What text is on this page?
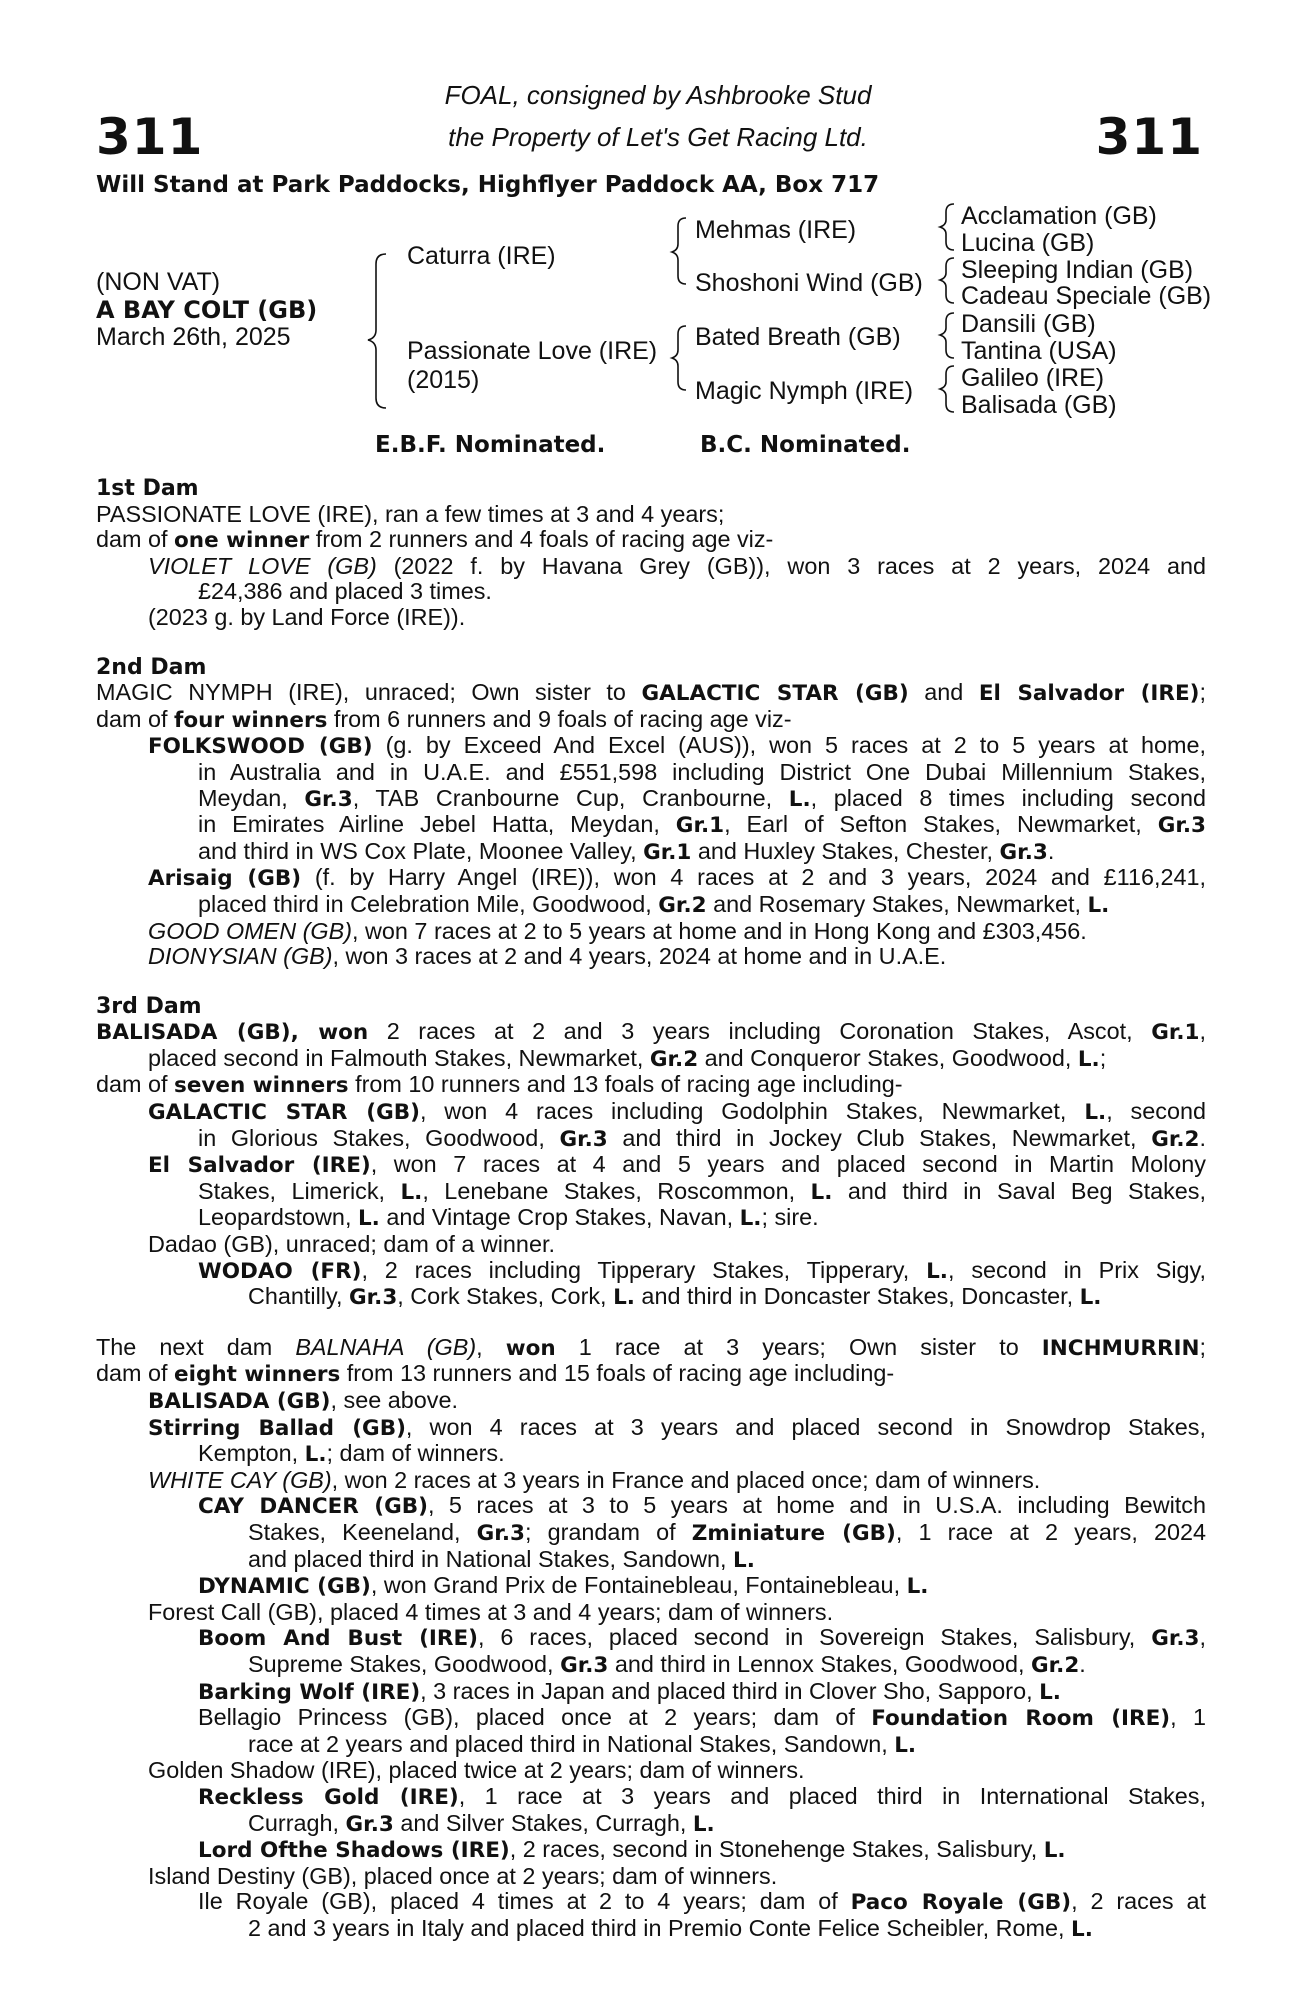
311	311
FOAL, consigned by Ashbrooke Stud
the Property of Let's Get Racing Ltd.
Will Stand at Park Paddocks, Highflyer Paddock AA, Box 717
(NON VAT)
A BAY COLT (GB)
March 26th, 2025
Caturra (IRE)
Passionate Love (IRE)
(2015)
Mehmas (IRE)
Shoshoni Wind (GB)
Bated Breath (GB)
Magic Nymph (IRE)
Acclamation (GB)
Lucina (GB)
Sleeping Indian (GB)
Cadeau Speciale (GB)
Dansili (GB)
Tantina (USA)
Galileo (IRE)
Balisada (GB)
E.B.F. Nominated.	B.C. Nominated.
1st Dam
PASSIONATE LOVE (IRE), ran a few times at 3 and 4 years;
dam of one winner from 2 runners and 4 foals of racing age viz-
VIOLET LOVE (GB) (2022 f. by Havana Grey (GB)), won 3 races at 2 years, 2024 and
£24,386 and placed 3 times.
(2023 g. by Land Force (IRE)).
2nd Dam
MAGIC NYMPH (IRE), unraced; Own sister to GALACTIC STAR (GB) and El Salvador (IRE);
dam of four winners from 6 runners and 9 foals of racing age viz-
FOLKSWOOD (GB) (g. by Exceed And Excel (AUS)), won 5 races at 2 to 5 years at home,
in Australia and in U.A.E. and £551,598 including District One Dubai Millennium Stakes,
Meydan, Gr.3, TAB Cranbourne Cup, Cranbourne, L., placed 8 times including second
in Emirates Airline Jebel Hatta, Meydan, Gr.1, Earl of Sefton Stakes, Newmarket, Gr.3
and third in WS Cox Plate, Moonee Valley, Gr.1 and Huxley Stakes, Chester, Gr.3.
Arisaig (GB) (f. by Harry Angel (IRE)), won 4 races at 2 and 3 years, 2024 and £116,241,
placed third in Celebration Mile, Goodwood, Gr.2 and Rosemary Stakes, Newmarket, L.
GOOD OMEN (GB), won 7 races at 2 to 5 years at home and in Hong Kong and £303,456.
DIONYSIAN (GB), won 3 races at 2 and 4 years, 2024 at home and in U.A.E.
3rd Dam
BALISADA (GB), won 2 races at 2 and 3 years including Coronation Stakes, Ascot, Gr.1,
placed second in Falmouth Stakes, Newmarket, Gr.2 and Conqueror Stakes, Goodwood, L.;
dam of seven winners from 10 runners and 13 foals of racing age including-
GALACTIC STAR (GB), won 4 races including Godolphin Stakes, Newmarket, L., second
in Glorious Stakes, Goodwood, Gr.3 and third in Jockey Club Stakes, Newmarket, Gr.2.
El Salvador (IRE), won 7 races at 4 and 5 years and placed second in Martin Molony
Stakes, Limerick, L., Lenebane Stakes, Roscommon, L. and third in Saval Beg Stakes,
Leopardstown, L. and Vintage Crop Stakes, Navan, L.; sire.
Dadao (GB), unraced; dam of a winner.
WODAO (FR), 2 races including Tipperary Stakes, Tipperary, L., second in Prix Sigy,
Chantilly, Gr.3, Cork Stakes, Cork, L. and third in Doncaster Stakes, Doncaster, L.
The next dam BALNAHA (GB), won 1 race at 3 years; Own sister to INCHMURRIN;
dam of eight winners from 13 runners and 15 foals of racing age including-
BALISADA (GB), see above.
Stirring Ballad (GB), won 4 races at 3 years and placed second in Snowdrop Stakes,
Kempton, L.; dam of winners.
WHITE CAY (GB), won 2 races at 3 years in France and placed once; dam of winners.
CAY DANCER (GB), 5 races at 3 to 5 years at home and in U.S.A. including Bewitch
Stakes, Keeneland, Gr.3; grandam of Zminiature (GB), 1 race at 2 years, 2024
and placed third in National Stakes, Sandown, L.
DYNAMIC (GB), won Grand Prix de Fontainebleau, Fontainebleau, L.
Forest Call (GB), placed 4 times at 3 and 4 years; dam of winners.
Boom And Bust (IRE), 6 races, placed second in Sovereign Stakes, Salisbury, Gr.3,
Supreme Stakes, Goodwood, Gr.3 and third in Lennox Stakes, Goodwood, Gr.2.
Barking Wolf (IRE), 3 races in Japan and placed third in Clover Sho, Sapporo, L.
Bellagio Princess (GB), placed once at 2 years; dam of Foundation Room (IRE), 1
race at 2 years and placed third in National Stakes, Sandown, L.
Golden Shadow (IRE), placed twice at 2 years; dam of winners.
Reckless Gold (IRE), 1 race at 3 years and placed third in International Stakes,
Curragh, Gr.3 and Silver Stakes, Curragh, L.
Lord Ofthe Shadows (IRE), 2 races, second in Stonehenge Stakes, Salisbury, L.
Island Destiny (GB), placed once at 2 years; dam of winners.
Ile Royale (GB), placed 4 times at 2 to 4 years; dam of Paco Royale (GB), 2 races at
2 and 3 years in Italy and placed third in Premio Conte Felice Scheibler, Rome, L.
